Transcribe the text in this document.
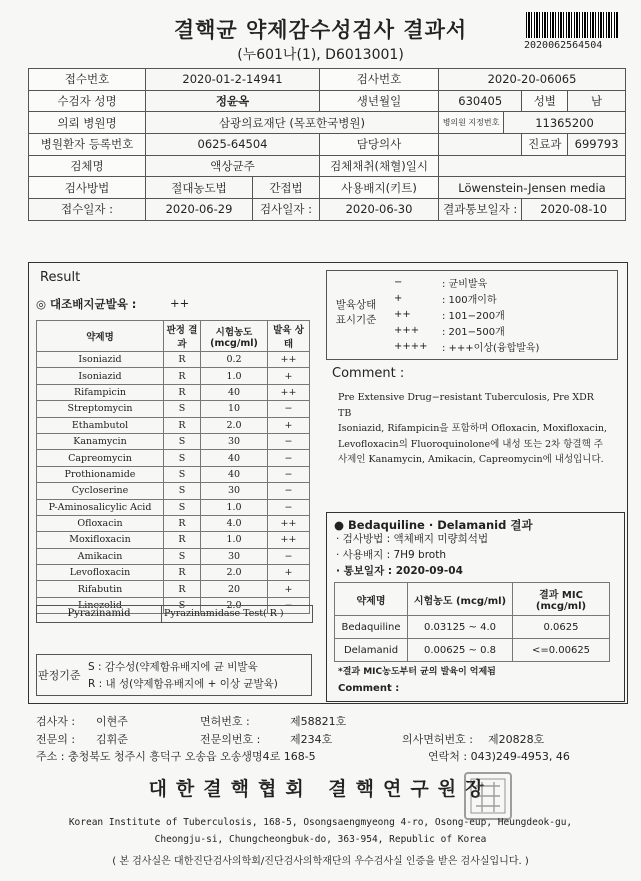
결핵균 약제감수성검사 결과서
(누601나(1), D6013001)
2020062564504
접수번호	2020-01-2-14941		검사번호	2020-20-06065			
수검자 성명	정윤옥		생년월일	630405		성별	남
의뢰 병원명	삼광의료재단 (목포한국병원)			병의원 지정번호	11365200		
병원환자 등록번호	0625-64504		담당의사			진료과	699793
검체명	액상균주		검체채취(채혈)일시				
검사방법	절대농도법	간접법	사용배지(키트)	Löwenstein-Jensen media			
접수일자 :	2020-06-29	검사일자 :	2020-06-30	결과통보일자 :		2020-08-10	
Result
◎ 대조배지균발육 :	++
약제명	판정 결과	시험농도 (mcg/ml)	발육 상태
Isoniazid	R	0.2	++
Isoniazid	R	1.0	+
Rifampicin	R	40	++
Streptomycin	S	10	−
Ethambutol	R	2.0	+
Kanamycin	S	30	−
Capreomycin	S	40	−
Prothionamide	S	40	−
Cycloserine	S	30	−
P-Aminosalicylic Acid	S	1.0	−
Ofloxacin	R	4.0	++
Moxifloxacin	R	1.0	++
Amikacin	S	30	−
Levofloxacin	R	2.0	+
Rifabutin	R	20	+
Linezolid	S	2.0	−
Pyrazinamid	Pyrazinamidase Test( R )
판정기준
S : 감수성(약제함유배지에 균 비발육
R : 내 성(약제함유배지에 + 이상 균발육)
발육상태 표시기준
−	: 균비발육
+	: 100개이하
++	: 101−200개
+++	: 201−500개
++++	: +++이상(융합발육)
Comment :
Pre Extensive Drug−resistant Tuberculosis, Pre XDR
TB
Isoniazid, Rifampicin을 포함하며 Ofloxacin, Moxifloxacin,
Levofloxacin의 Fluoroquinolone에 내성 또는 2차 항결핵 주
사제인 Kanamycin, Amikacin, Capreomycin에 내성입니다.
● Bedaquiline · Delamanid 결과
· 검사방법 : 액체배지 미량희석법
· 사용배지 : 7H9 broth
· 통보일자 : 2020-09-04
약제명	시험농도 (mcg/ml)	결과 MIC (mcg/ml)
Bedaquiline	0.03125 ~ 4.0	0.0625
Delamanid	0.00625 ~ 0.8	<=0.00625
*결과 MIC농도부터 균의 발육이 억제됨
Comment :
검사자 : 이현주	면허번호 :	제58821호
전문의 : 김휘준	전문의번호 :	제234호	의사면허번호 : 제20828호
주소 : 충청북도 청주시 흥덕구 오송읍 오송생명4로 168-5	연락처 : 043)249-4953, 46
대한결핵협회 결핵연구원장
Korean Institute of Tuberculosis, 168-5, Osongsaengmyeong 4-ro, Osong-eup, Heungdeok-gu,
Cheongju-si, Chungcheongbuk-do, 363-954, Republic of Korea
( 본 검사실은 대한진단검사의학회/진단검사의학재단의 우수검사실 인증을 받은 검사실입니다. )
